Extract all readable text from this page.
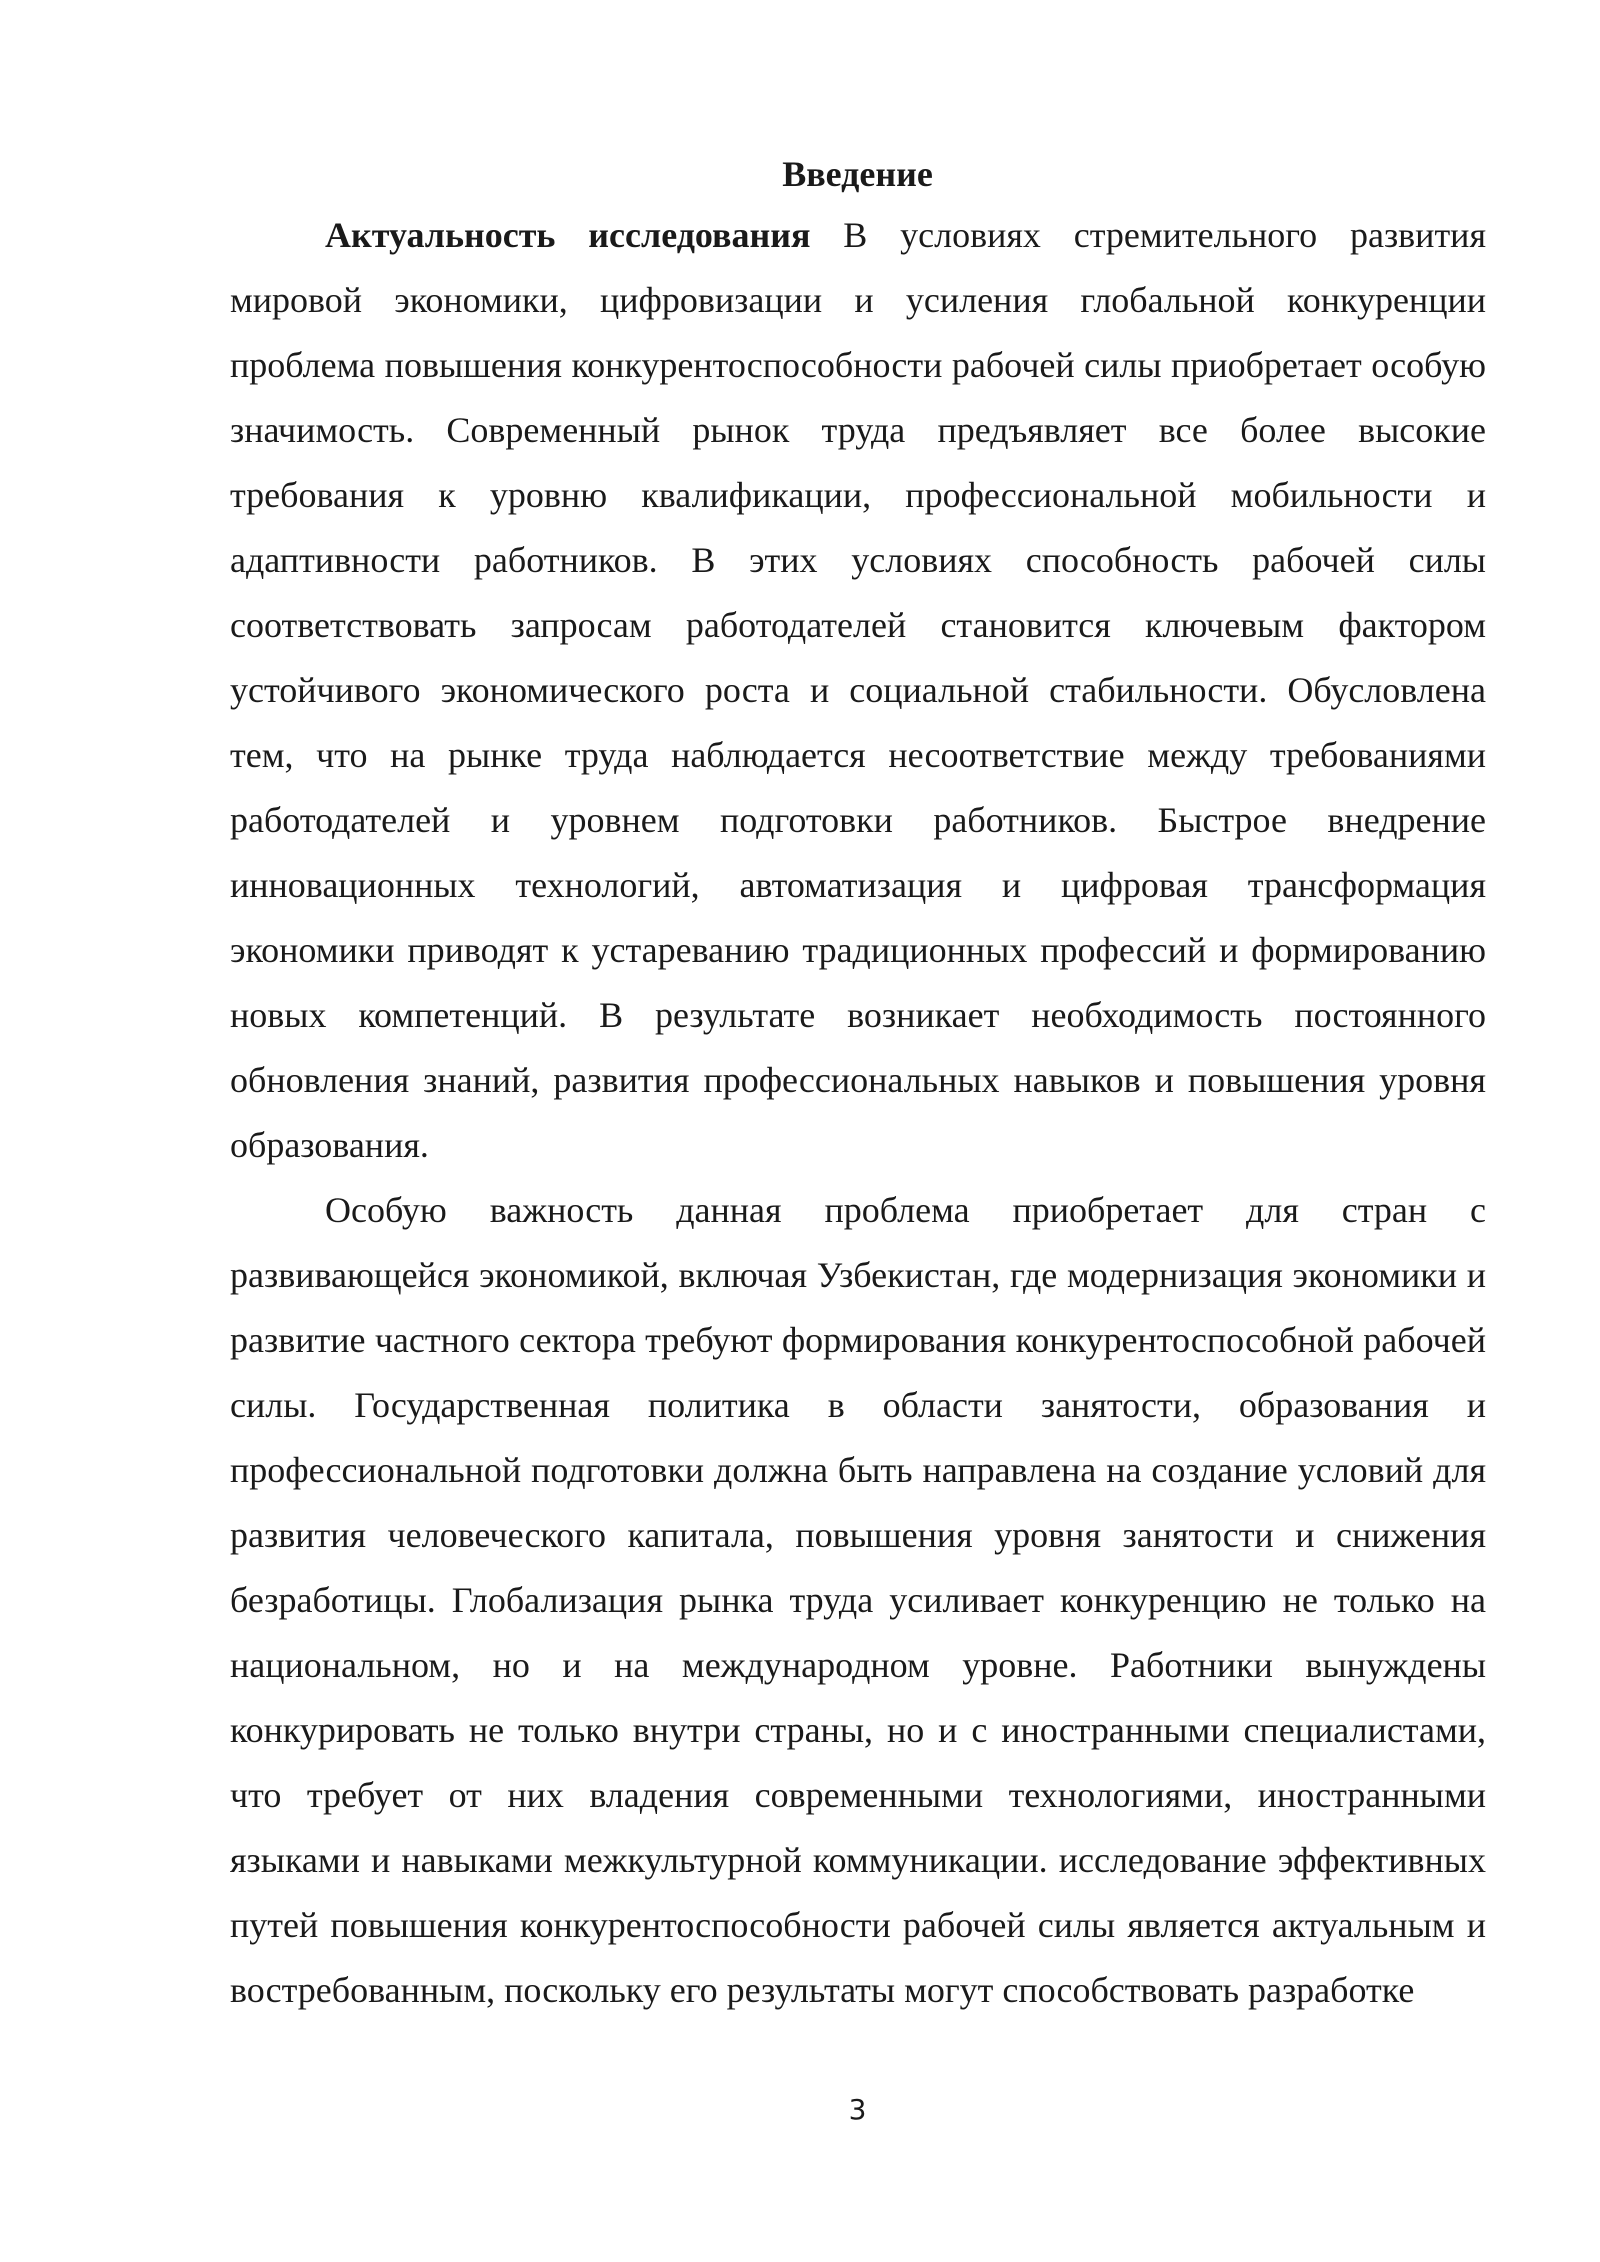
Введение

Актуальность исследования В условиях стремительного развития мировой экономики, цифровизации и усиления глобальной конкуренции проблема повышения конкурентоспособности рабочей силы приобретает особую значимость. Современный рынок труда предъявляет все более высокие требования к уровню квалификации, профессиональной мобильности и адаптивности работников. В этих условиях способность рабочей силы соответствовать запросам работодателей становится ключевым фактором устойчивого экономического роста и социальной стабильности. Обусловлена тем, что на рынке труда наблюдается несоответствие между требованиями работодателей и уровнем подготовки работников. Быстрое внедрение инновационных технологий, автоматизация и цифровая трансформация экономики приводят к устареванию традиционных профессий и формированию новых компетенций. В результате возникает необходимость постоянного обновления знаний, развития профессиональных навыков и повышения уровня образования.

Особую важность данная проблема приобретает для стран с развивающейся экономикой, включая Узбекистан, где модернизация экономики и развитие частного сектора требуют формирования конкурентоспособной рабочей силы. Государственная политика в области занятости, образования и профессиональной подготовки должна быть направлена на создание условий для развития человеческого капитала, повышения уровня занятости и снижения безработицы. Глобализация рынка труда усиливает конкуренцию не только на национальном, но и на международном уровне. Работники вынуждены конкурировать не только внутри страны, но и с иностранными специалистами, что требует от них владения современными технологиями, иностранными языками и навыками межкультурной коммуникации. исследование эффективных путей повышения конкурентоспособности рабочей силы является актуальным и востребованным, поскольку его результаты могут способствовать разработке

3
